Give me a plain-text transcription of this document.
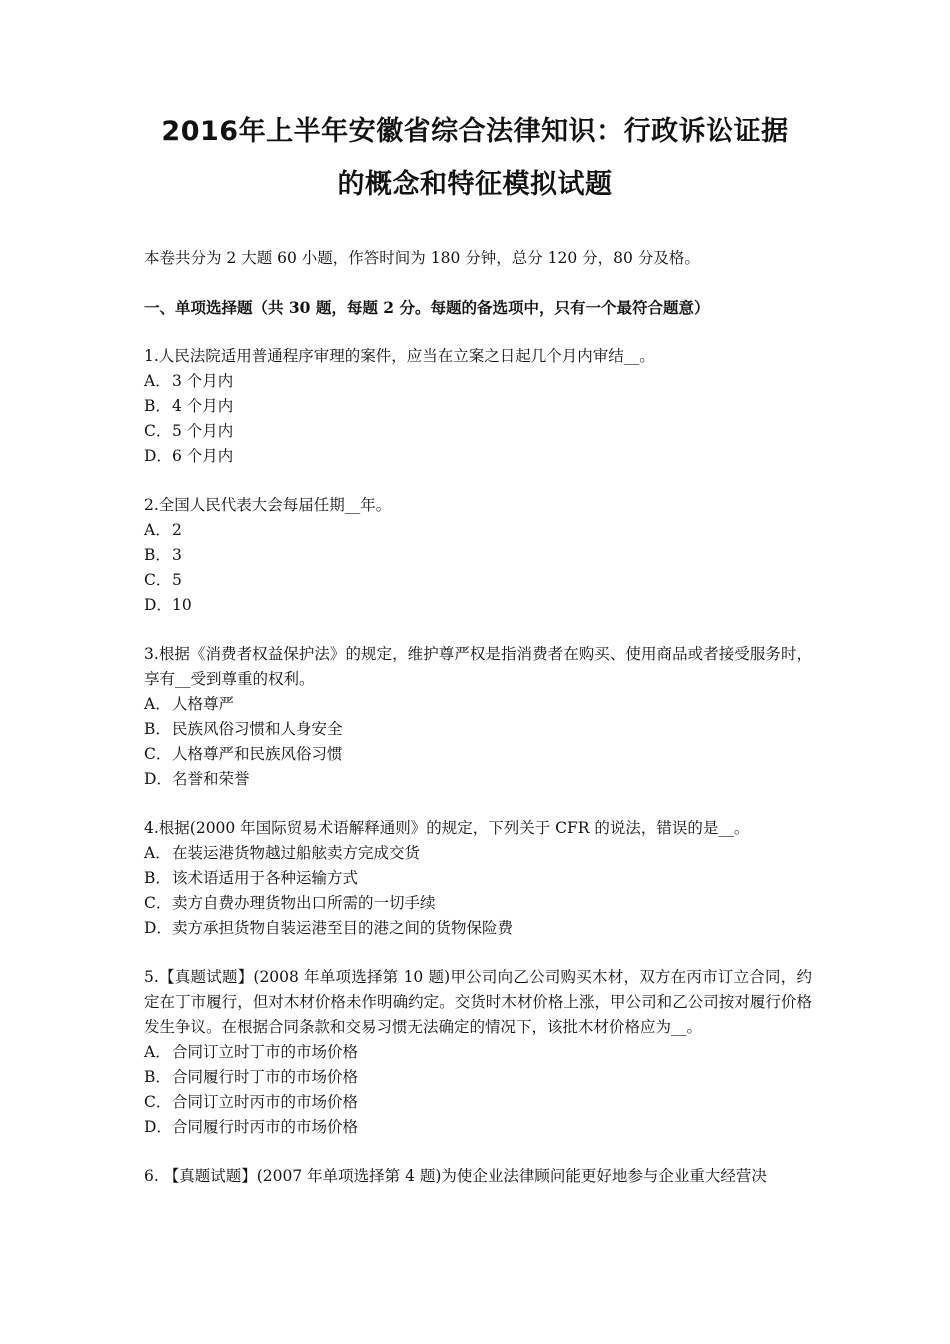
2016年上半年安徽省综合法律知识：行政诉讼证据
的概念和特征模拟试题

本卷共分为 2 大题 60 小题，作答时间为 180 分钟，总分 120 分，80 分及格。

一、单项选择题（共 30 题，每题 2 分。每题的备选项中，只有一个最符合题意）

1.人民法院适用普通程序审理的案件，应当在立案之日起几个月内审结__。

A．3 个月内
B．4 个月内
C．5 个月内
D．6 个月内

2.全国人民代表大会每届任期__年。

A．2
B．3
C．5
D．10

3.根据《消费者权益保护法》的规定，维护尊严权是指消费者在购买、使用商品或者接受服务时，享有__受到尊重的权利。

A．人格尊严
B．民族风俗习惯和人身安全
C．人格尊严和民族风俗习惯
D．名誉和荣誉

4.根据(2000 年国际贸易术语解释通则》的规定，下列关于 CFR 的说法，错误的是__。

A．在装运港货物越过船舷卖方完成交货
B．该术语适用于各种运输方式
C．卖方自费办理货物出口所需的一切手续
D．卖方承担货物自装运港至目的港之间的货物保险费

5.【真题试题】(2008 年单项选择第 10 题)甲公司向乙公司购买木材，双方在丙市订立合同，约定在丁市履行，但对木材价格未作明确约定。交货时木材价格上涨，甲公司和乙公司按对履行价格发生争议。在根据合同条款和交易习惯无法确定的情况下，该批木材价格应为__。

A．合同订立时丁市的市场价格
B．合同履行时丁市的市场价格
C．合同订立时丙市的市场价格
D．合同履行时丙市的市场价格

6. 【真题试题】(2007 年单项选择第 4 题)为使企业法律顾问能更好地参与企业重大经营决
